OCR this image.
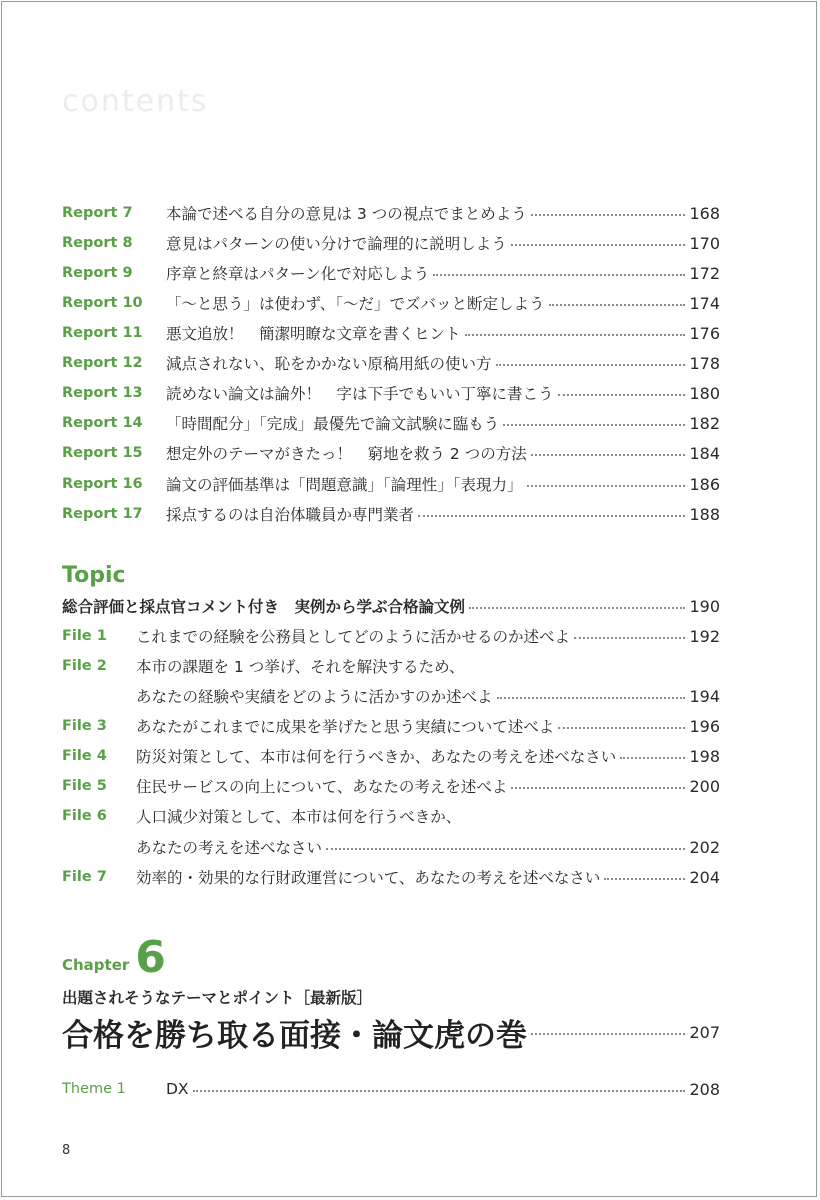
contents
Report 7	本論で述べる自分の意見は 3 つの視点でまとめよう	168
Report 8	意見はパターンの使い分けで論理的に説明しよう	170
Report 9	序章と終章はパターン化で対応しよう	172
Report 10	「〜と思う」は使わず、「〜だ」でズバッと断定しよう	174
Report 11	悪文追放！　簡潔明瞭な文章を書くヒント	176
Report 12	減点されない、恥をかかない原稿用紙の使い方	178
Report 13	読めない論文は論外！　字は下手でもいい丁寧に書こう	180
Report 14	「時間配分」「完成」最優先で論文試験に臨もう	182
Report 15	想定外のテーマがきたっ！　窮地を救う 2 つの方法	184
Report 16	論文の評価基準は「問題意識」「論理性」「表現力」	186
Report 17	採点するのは自治体職員か専門業者	188
Topic
総合評価と採点官コメント付き　実例から学ぶ合格論文例	190
File 1	これまでの経験を公務員としてどのように活かせるのか述べよ	192
File 2	本市の課題を 1 つ挙げ、それを解決するため、
あなたの経験や実績をどのように活かすのか述べよ	194
File 3	あなたがこれまでに成果を挙げたと思う実績について述べよ	196
File 4	防災対策として、本市は何を行うべきか、あなたの考えを述べなさい	198
File 5	住民サービスの向上について、あなたの考えを述べよ	200
File 6	人口減少対策として、本市は何を行うべきか、
あなたの考えを述べなさい	202
File 7	効率的・効果的な行財政運営について、あなたの考えを述べなさい	204
Chapter 6
出題されそうなテーマとポイント［最新版］
合格を勝ち取る面接・論文虎の巻	207
Theme 1	DX	208
8
